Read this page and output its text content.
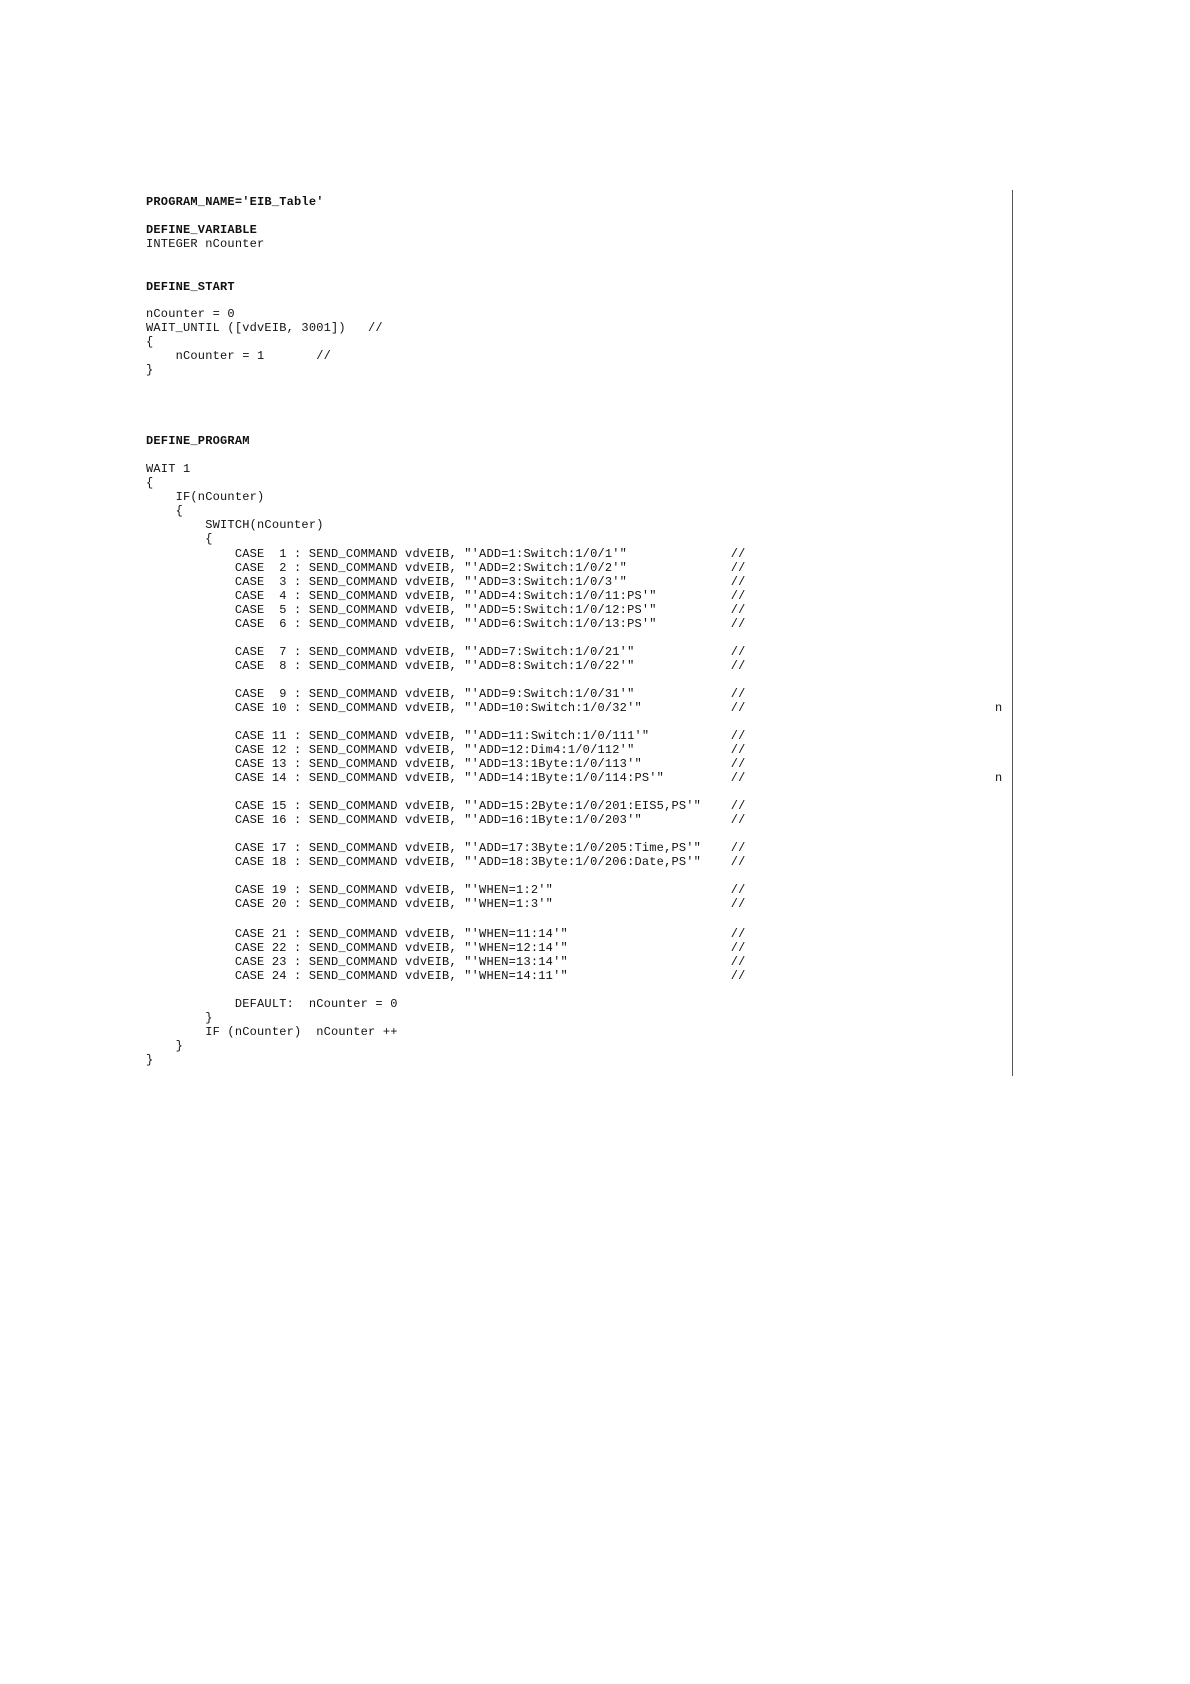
PROGRAM_NAME='EIB_Table'
DEFINE_VARIABLE
INTEGER nCounter
DEFINE_START
nCounter = 0
WAIT_UNTIL ([vdvEIB, 3001])   //
{
nCounter = 1       //
}
DEFINE_PROGRAM
WAIT 1
{
IF(nCounter)
{
SWITCH(nCounter)
{
CASE  1 : SEND_COMMAND vdvEIB, "'ADD=1:Switch:1/0/1'"              //
CASE  2 : SEND_COMMAND vdvEIB, "'ADD=2:Switch:1/0/2'"              //
CASE  3 : SEND_COMMAND vdvEIB, "'ADD=3:Switch:1/0/3'"              //
CASE  4 : SEND_COMMAND vdvEIB, "'ADD=4:Switch:1/0/11:PS'"          //
CASE  5 : SEND_COMMAND vdvEIB, "'ADD=5:Switch:1/0/12:PS'"          //
CASE  6 : SEND_COMMAND vdvEIB, "'ADD=6:Switch:1/0/13:PS'"          //
CASE  7 : SEND_COMMAND vdvEIB, "'ADD=7:Switch:1/0/21'"             //
CASE  8 : SEND_COMMAND vdvEIB, "'ADD=8:Switch:1/0/22'"             //
CASE  9 : SEND_COMMAND vdvEIB, "'ADD=9:Switch:1/0/31'"             //
CASE 10 : SEND_COMMAND vdvEIB, "'ADD=10:Switch:1/0/32'"            //
CASE 11 : SEND_COMMAND vdvEIB, "'ADD=11:Switch:1/0/111'"           //
CASE 12 : SEND_COMMAND vdvEIB, "'ADD=12:Dim4:1/0/112'"             //
CASE 13 : SEND_COMMAND vdvEIB, "'ADD=13:1Byte:1/0/113'"            //
CASE 14 : SEND_COMMAND vdvEIB, "'ADD=14:1Byte:1/0/114:PS'"         //
CASE 15 : SEND_COMMAND vdvEIB, "'ADD=15:2Byte:1/0/201:EIS5,PS'"    //
CASE 16 : SEND_COMMAND vdvEIB, "'ADD=16:1Byte:1/0/203'"            //
CASE 17 : SEND_COMMAND vdvEIB, "'ADD=17:3Byte:1/0/205:Time,PS'"    //
CASE 18 : SEND_COMMAND vdvEIB, "'ADD=18:3Byte:1/0/206:Date,PS'"    //
CASE 19 : SEND_COMMAND vdvEIB, "'WHEN=1:2'"                        //
CASE 20 : SEND_COMMAND vdvEIB, "'WHEN=1:3'"                        //
CASE 21 : SEND_COMMAND vdvEIB, "'WHEN=11:14'"                      //
CASE 22 : SEND_COMMAND vdvEIB, "'WHEN=12:14'"                      //
CASE 23 : SEND_COMMAND vdvEIB, "'WHEN=13:14'"                      //
CASE 24 : SEND_COMMAND vdvEIB, "'WHEN=14:11'"                      //
DEFAULT:  nCounter = 0
}
IF (nCounter)  nCounter ++
}
}
n
n
